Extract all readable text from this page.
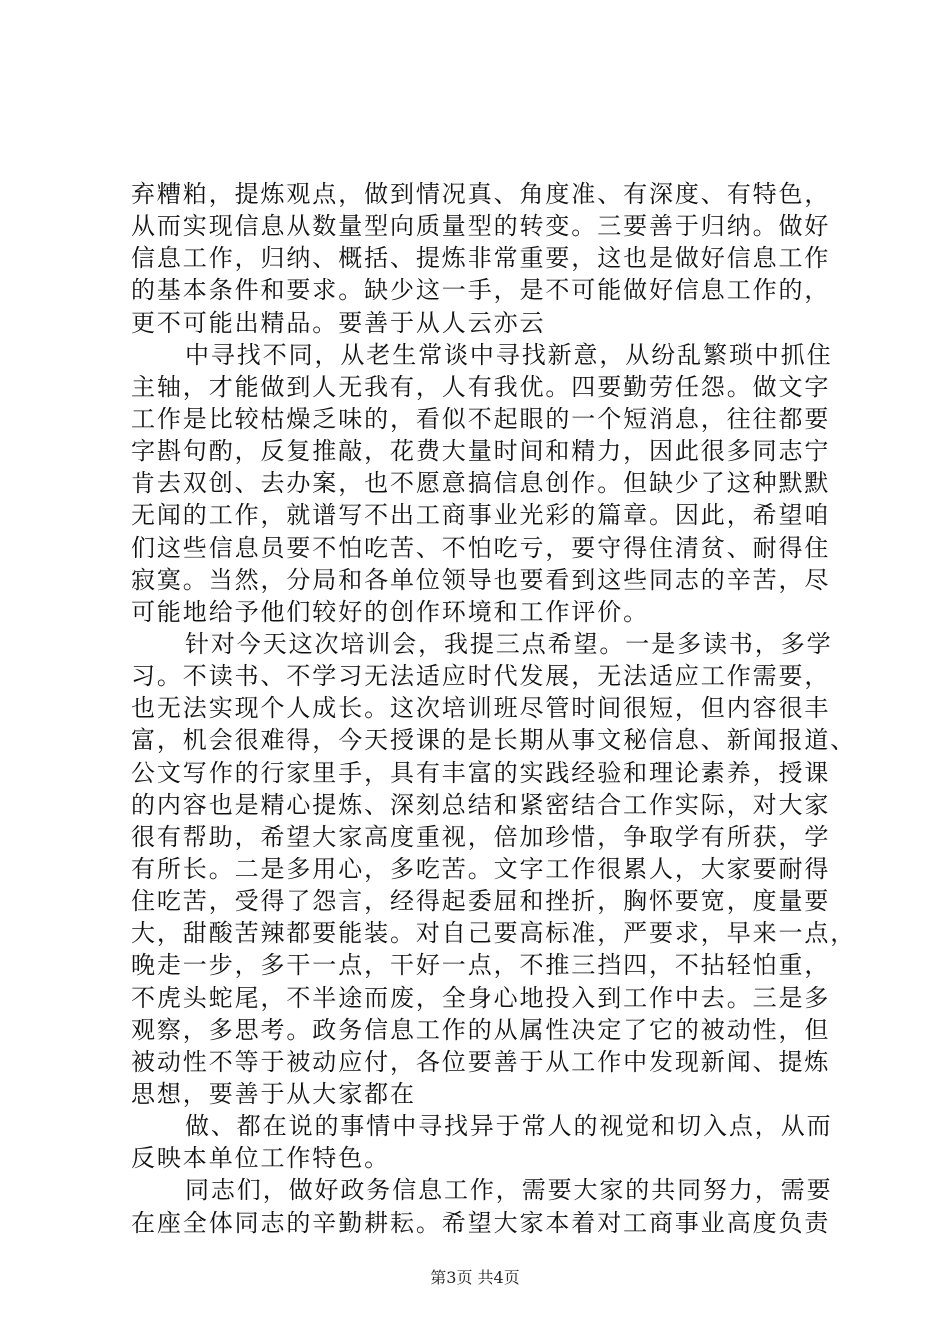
弃糟粕，提炼观点，做到情况真、角度准、有深度、有特色，
从而实现信息从数量型向质量型的转变。三要善于归纳。做好
信息工作，归纳、概括、提炼非常重要，这也是做好信息工作
的基本条件和要求。缺少这一手，是不可能做好信息工作的，
更不可能出精品。要善于从人云亦云
中寻找不同，从老生常谈中寻找新意，从纷乱繁琐中抓住
主轴，才能做到人无我有，人有我优。四要勤劳任怨。做文字
工作是比较枯燥乏味的，看似不起眼的一个短消息，往往都要
字斟句酌，反复推敲，花费大量时间和精力，因此很多同志宁
肯去双创、去办案，也不愿意搞信息创作。但缺少了这种默默
无闻的工作，就谱写不出工商事业光彩的篇章。因此，希望咱
们这些信息员要不怕吃苦、不怕吃亏，要守得住清贫、耐得住
寂寞。当然，分局和各单位领导也要看到这些同志的辛苦，尽
可能地给予他们较好的创作环境和工作评价。
针对今天这次培训会，我提三点希望。一是多读书，多学
习。不读书、不学习无法适应时代发展，无法适应工作需要，
也无法实现个人成长。这次培训班尽管时间很短，但内容很丰
富，机会很难得，今天授课的是长期从事文秘信息、新闻报道、
公文写作的行家里手，具有丰富的实践经验和理论素养，授课
的内容也是精心提炼、深刻总结和紧密结合工作实际，对大家
很有帮助，希望大家高度重视，倍加珍惜，争取学有所获，学
有所长。二是多用心，多吃苦。文字工作很累人，大家要耐得
住吃苦，受得了怨言，经得起委屈和挫折，胸怀要宽，度量要
大，甜酸苦辣都要能装。对自己要高标准，严要求，早来一点，
晚走一步，多干一点，干好一点，不推三挡四，不拈轻怕重，
不虎头蛇尾，不半途而废，全身心地投入到工作中去。三是多
观察，多思考。政务信息工作的从属性决定了它的被动性，但
被动性不等于被动应付，各位要善于从工作中发现新闻、提炼
思想，要善于从大家都在
做、都在说的事情中寻找异于常人的视觉和切入点，从而
反映本单位工作特色。
同志们，做好政务信息工作，需要大家的共同努力，需要
在座全体同志的辛勤耕耘。希望大家本着对工商事业高度负责
第3页 共4页
